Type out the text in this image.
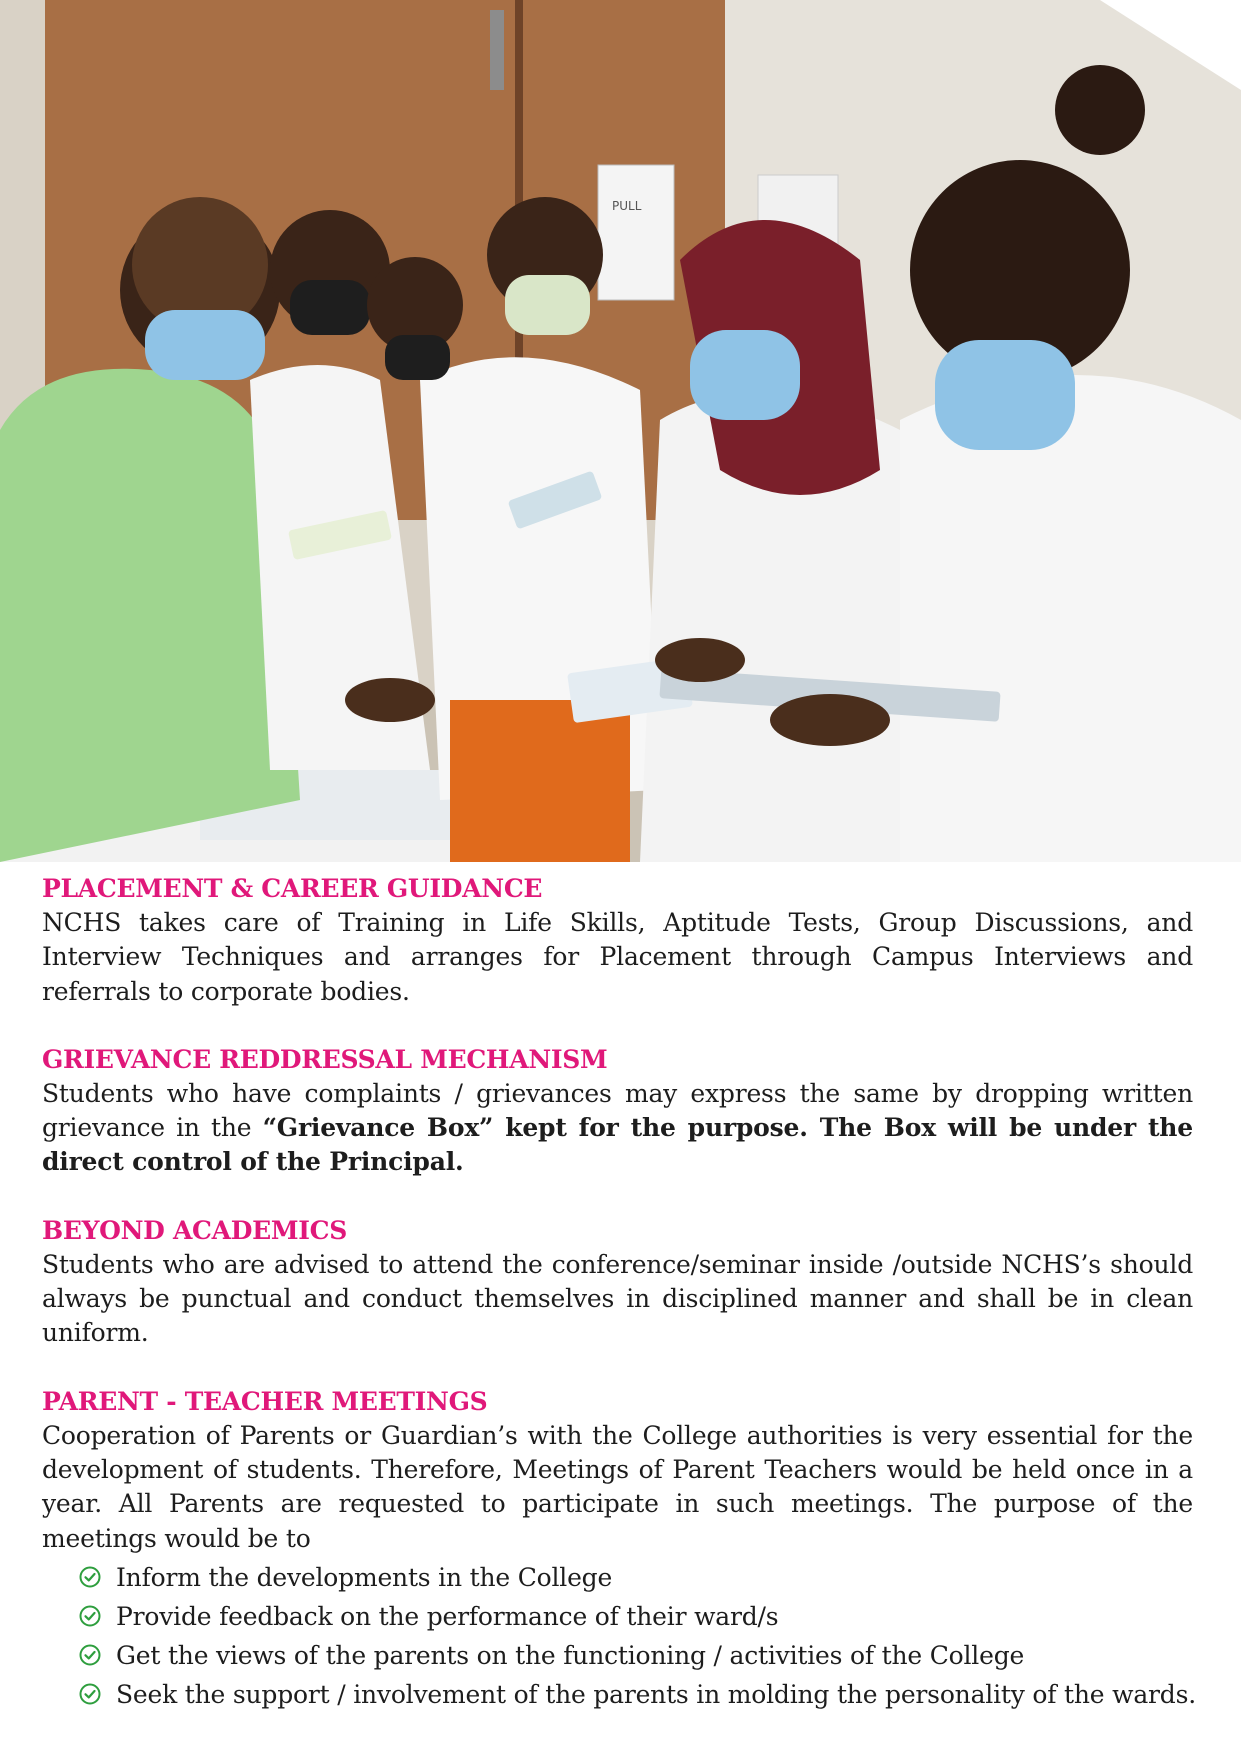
PULL
PLACEMENT & CAREER GUIDANCE
NCHS takes care of Training in Life Skills, Aptitude Tests, Group Discussions, and Interview Techniques and arranges for Placement through Campus Interviews and referrals to corporate bodies.
GRIEVANCE REDDRESSAL MECHANISM
Students who have complaints / grievances may express the same by dropping written grievance in the “Grievance Box” kept for the purpose. The Box will be under the direct control of the Principal.
BEYOND ACADEMICS
Students who are advised to attend the conference/seminar inside /outside NCHS’s should always be punctual and conduct themselves in disciplined manner and shall be in clean uniform.
PARENT - TEACHER MEETINGS
Cooperation of Parents or Guardian’s with the College authorities is very essential for the development of students. Therefore, Meetings of Parent Teachers would be held once in a year. All Parents are requested to participate in such meetings. The purpose of the meetings would be to
Inform the developments in the College
Provide feedback on the performance of their ward/s
Get the views of the parents on the functioning / activities of the College
Seek the support / involvement of the parents in molding the personality of the wards.
